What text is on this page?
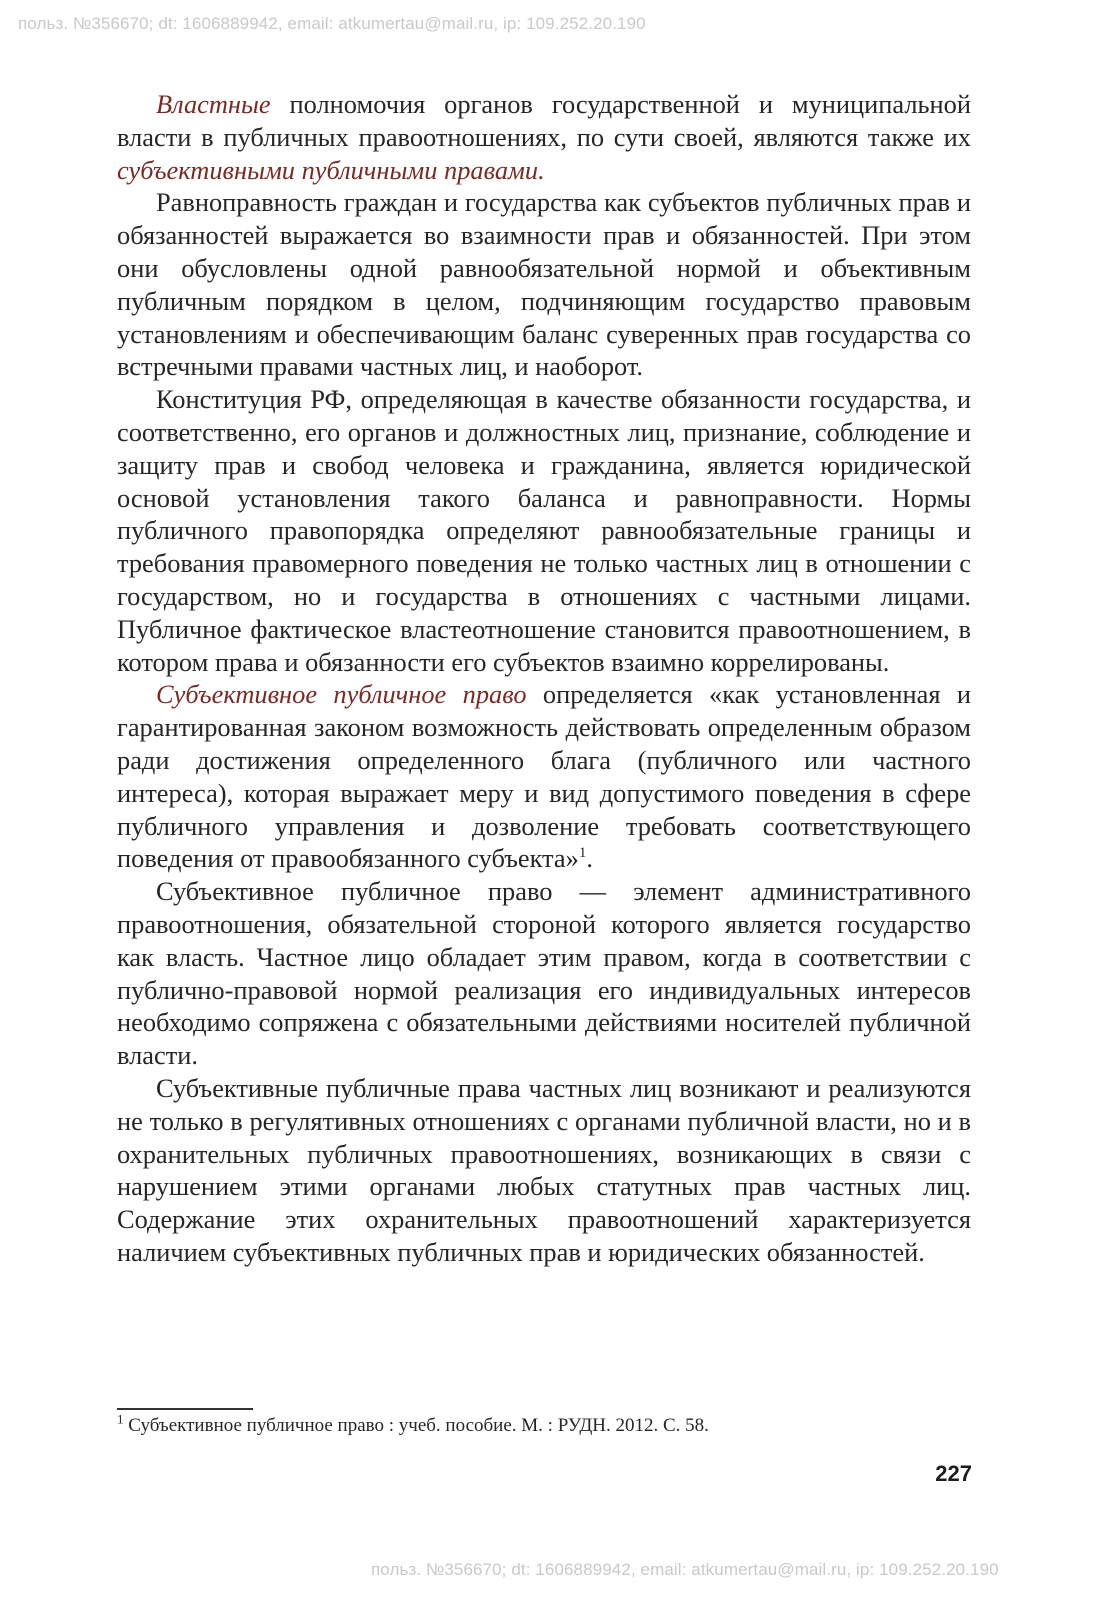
польз. №356670; dt: 1606889942, email: atkumertau@mail.ru, ip: 109.252.20.190

Властные полномочия органов государственной и муниципальной власти в публичных правоотношениях, по сути своей, являются также их субъективными публичными правами.

Равноправность граждан и государства как субъектов публичных прав и обязанностей выражается во взаимности прав и обязанностей. При этом они обусловлены одной равнообязательной нормой и объективным публичным порядком в целом, подчиняющим государство правовым установлениям и обеспечивающим баланс суверенных прав государства со встречными правами частных лиц, и наоборот.

Конституция РФ, определяющая в качестве обязанности государства, и соответственно, его органов и должностных лиц, признание, соблюдение и защиту прав и свобод человека и гражданина, является юридической основой установления такого баланса и равноправности. Нормы публичного правопорядка определяют равнообязательные границы и требования правомерного поведения не только частных лиц в отношении с государством, но и государства в отношениях с частными лицами. Публичное фактическое властеотношение становится правоотношением, в котором права и обязанности его субъектов взаимно коррелированы.

Субъективное публичное право определяется «как установленная и гарантированная законом возможность действовать определенным образом ради достижения определенного блага (публичного или частного интереса), которая выражает меру и вид допустимого поведения в сфере публичного управления и дозволение требовать соответствующего поведения от правообязанного субъекта»$^1$.

Субъективное публичное право — элемент административного правоотношения, обязательной стороной которого является государство как власть. Частное лицо обладает этим правом, когда в соответствии с публично-правовой нормой реализация его индивидуальных интересов необходимо сопряжена с обязательными действиями носителей публичной власти.

Субъективные публичные права частных лиц возникают и реализуются не только в регулятивных отношениях с органами публичной власти, но и в охранительных публичных правоотношениях, возникающих в связи с нарушением этими органами любых статутных прав частных лиц. Содержание этих охранительных правоотношений характеризуется наличием субъективных публичных прав и юридических обязанностей.

$^1$ Субъективное публичное право : учеб. пособие. М. : РУДН. 2012. С. 58.
227
польз. №356670; dt: 1606889942, email: atkumertau@mail.ru, ip: 109.252.20.190
